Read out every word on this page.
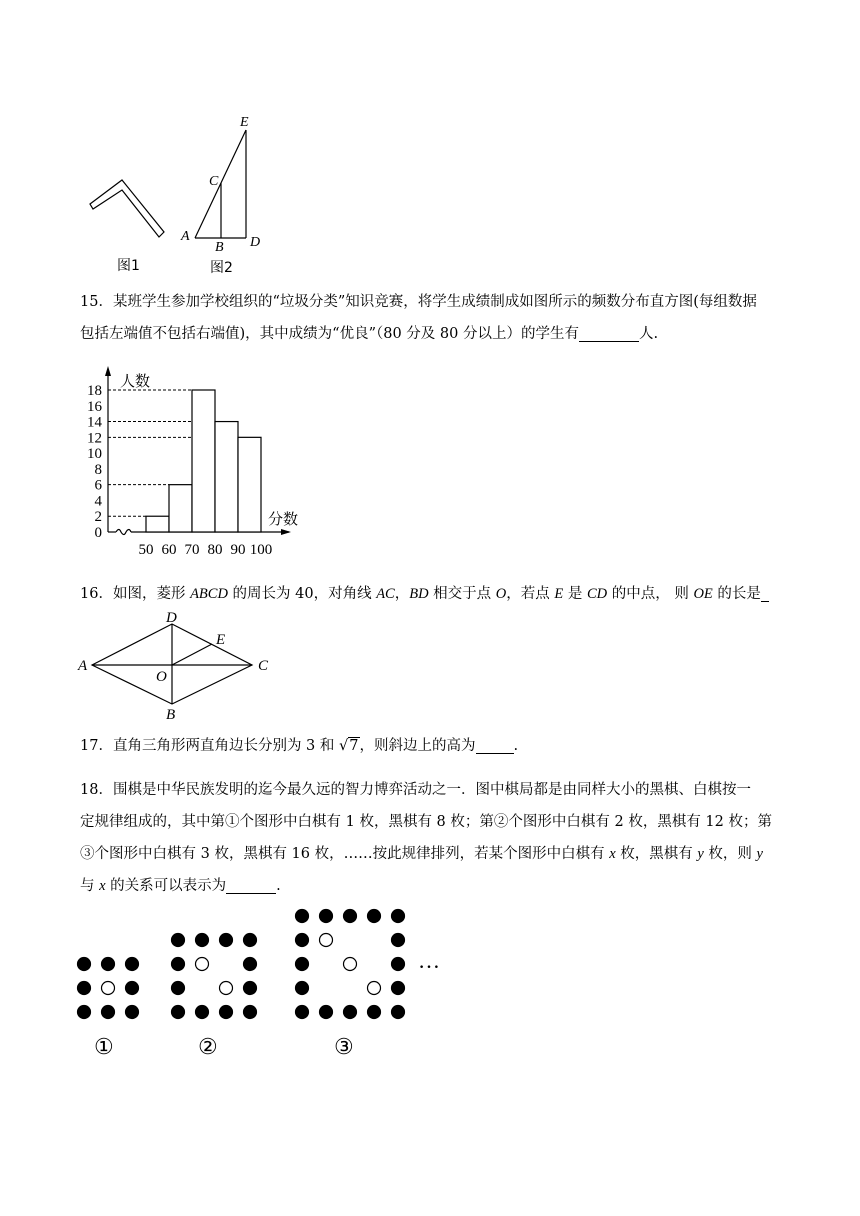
E
C
A
B D
图1	图2

15．某班学生参加学校组织的“垃圾分类”知识竞赛，将学生成绩制成如图所示的频数分布直方图(每组数据

包括左端值不包括右端值)，其中成绩为“优良”（80 分及 80 分以上）的学生有	人.

0
2
4
6
8
10
12
14
16
18
50 60 70 80 90 100
人数
分数

16．如图，菱形 ABCD 的周长为 40，对角线 AC，BD 相交于点 O，若点 E 是 CD 的中点， 则 OE 的长是

D
E
A	C
O
B

17．直角三角形两直角边长分别为 3 和 √7，则斜边上的高为	.

18．围棋是中华民族发明的迄今最久远的智力博弈活动之一．图中棋局都是由同样大小的黑棋、白棋按一

定规律组成的，其中第①个图形中白棋有 1 枚，黑棋有 8 枚；第②个图形中白棋有 2 枚，黑棋有 12 枚；第

③个图形中白棋有 3 枚，黑棋有 16 枚，……按此规律排列，若某个图形中白棋有 x 枚，黑棋有 y 枚，则 y

与 x 的关系可以表示为	.

…
①	②	③
